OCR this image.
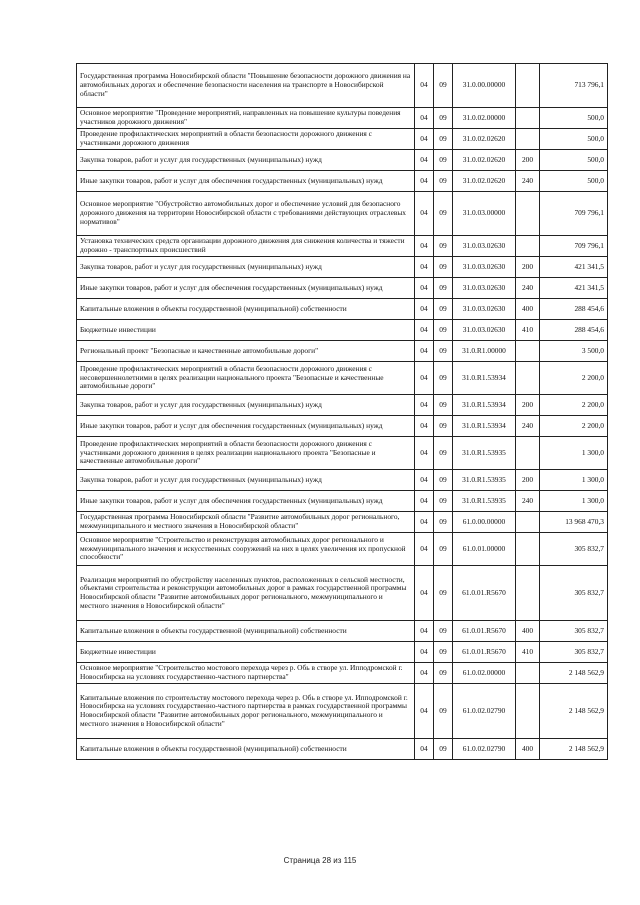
Государственная программа Новосибирской области "Повышение безопасности дорожного движения на автомобильных дорогах и обеспечение безопасности населения на транспорте в Новосибирской области"	04	09	31.0.00.00000		713 796,1
Основное мероприятие "Проведение мероприятий, направленных на повышение культуры поведения участников дорожного движения"	04	09	31.0.02.00000		500,0
Проведение профилактических мероприятий в области безопасности дорожного движения с участниками дорожного движения	04	09	31.0.02.02620		500,0
Закупка товаров, работ и услуг для государственных (муниципальных) нужд	04	09	31.0.02.02620	200	500,0
Иные закупки товаров, работ и услуг для обеспечения государственных (муниципальных) нужд	04	09	31.0.02.02620	240	500,0
Основное мероприятие "Обустройство автомобильных дорог и обеспечение условий для безопасного дорожного движения на территории Новосибирской области с требованиями действующих отраслевых нормативов"	04	09	31.0.03.00000		709 796,1
Установка технических средств организации дорожного движения для снижения количества и тяжести дорожно - транспортных происшествий	04	09	31.0.03.02630		709 796,1
Закупка товаров, работ и услуг для государственных (муниципальных) нужд	04	09	31.0.03.02630	200	421 341,5
Иные закупки товаров, работ и услуг для обеспечения государственных (муниципальных) нужд	04	09	31.0.03.02630	240	421 341,5
Капитальные вложения в объекты государственной (муниципальной) собственности	04	09	31.0.03.02630	400	288 454,6
Бюджетные инвестиции	04	09	31.0.03.02630	410	288 454,6
Региональный проект "Безопасные и качественные автомобильные дороги"	04	09	31.0.R1.00000		3 500,0
Проведение профилактических мероприятий в области безопасности дорожного движения с несовершеннолетними в целях реализации национального проекта "Безопасные и качественные автомобильные дороги"	04	09	31.0.R1.53934		2 200,0
Закупка товаров, работ и услуг для государственных (муниципальных) нужд	04	09	31.0.R1.53934	200	2 200,0
Иные закупки товаров, работ и услуг для обеспечения государственных (муниципальных) нужд	04	09	31.0.R1.53934	240	2 200,0
Проведение профилактических мероприятий в области безопасности дорожного движения с участниками дорожного движения в целях реализации национального проекта "Безопасные и качественные автомобильные дороги"	04	09	31.0.R1.53935		1 300,0
Закупка товаров, работ и услуг для государственных (муниципальных) нужд	04	09	31.0.R1.53935	200	1 300,0
Иные закупки товаров, работ и услуг для обеспечения государственных (муниципальных) нужд	04	09	31.0.R1.53935	240	1 300,0
Государственная программа Новосибирской области "Развитие автомобильных дорог регионального, межмуниципального и местного значения в Новосибирской области"	04	09	61.0.00.00000		13 968 470,3
Основное мероприятие "Строительство и реконструкция автомобильных дорог регионального и межмуниципального значения и искусственных сооружений на них в целях увеличения их пропускной способности"	04	09	61.0.01.00000		305 832,7
Реализация мероприятий по обустройству населенных пунктов, расположенных в сельской местности, объектами строительства и реконструкции автомобильных дорог в рамках государственной программы Новосибирской области "Развитие автомобильных дорог регионального, межмуниципального и местного значения в Новосибирской области"	04	09	61.0.01.R5670		305 832,7
Капитальные вложения в объекты государственной (муниципальной) собственности	04	09	61.0.01.R5670	400	305 832,7
Бюджетные инвестиции	04	09	61.0.01.R5670	410	305 832,7
Основное мероприятие "Строительство мостового перехода через р. Обь в створе ул. Ипподромской г. Новосибирска на условиях государственно-частного партнерства"	04	09	61.0.02.00000		2 148 562,9
Капитальные вложения по строительству мостового перехода через р. Обь в створе ул. Ипподромской г. Новосибирска на условиях государственно-частного партнерства в рамках государственной программы Новосибирской области "Развитие автомобильных дорог регионального, межмуниципального и местного значения в Новосибирской области"	04	09	61.0.02.02790		2 148 562,9
Капитальные вложения в объекты государственной (муниципальной) собственности	04	09	61.0.02.02790	400	2 148 562,9
Страница 28 из 115
